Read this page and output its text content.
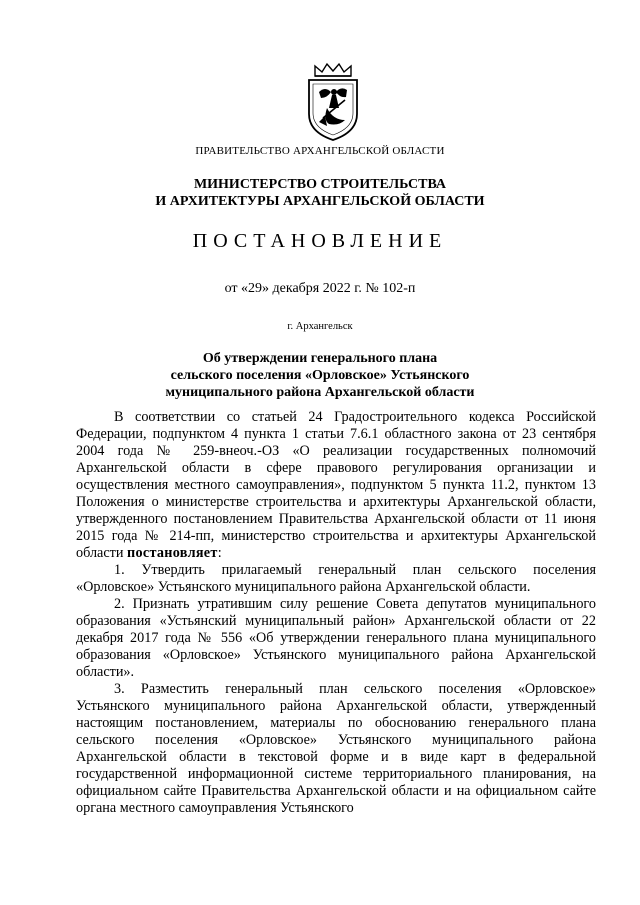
ПРАВИТЕЛЬСТВО АРХАНГЕЛЬСКОЙ ОБЛАСТИ
МИНИСТЕРСТВО СТРОИТЕЛЬСТВА
И АРХИТЕКТУРЫ АРХАНГЕЛЬСКОЙ ОБЛАСТИ
ПОСТАНОВЛЕНИЕ
от «29» декабря 2022 г. № 102-п
г. Архангельск
Об утверждении генерального плана
сельского поселения «Орловское» Устьянского
муниципального района Архангельской области

В соответствии со статьей 24 Градостроительного кодекса Российской Федерации, подпунктом 4 пункта 1 статьи 7.6.1 областного закона от 23 сентября 2004 года № 259-внеоч.-ОЗ «О реализации государственных полномочий Архангельской области в сфере правового регулирования организации и осуществления местного самоуправления», подпунктом 5 пункта 11.2, пунктом 13 Положения о министерстве строительства и архитектуры Архангельской области, утвержденного постановлением Правительства Архангельской области от 11 июня 2015 года № 214-пп, министерство строительства и архитектуры Архангельской области постановляет:

1. Утвердить прилагаемый генеральный план сельского поселения «Орловское» Устьянского муниципального района Архангельской области.

2. Признать утратившим силу решение Совета депутатов муниципального образования «Устьянский муниципальный район» Архангельской области от 22 декабря 2017 года № 556 «Об утверждении генерального плана муниципального образования «Орловское» Устьянского муниципального района Архангельской области».

3. Разместить генеральный план сельского поселения «Орловское» Устьянского муниципального района Архангельской области, утвержденный настоящим постановлением, материалы по обоснованию генерального плана сельского поселения «Орловское» Устьянского муниципального района Архангельской области в текстовой форме и в виде карт в федеральной государственной информационной системе территориального планирования, на официальном сайте Правительства Архангельской области и на официальном сайте органа местного самоуправления Устьянского
